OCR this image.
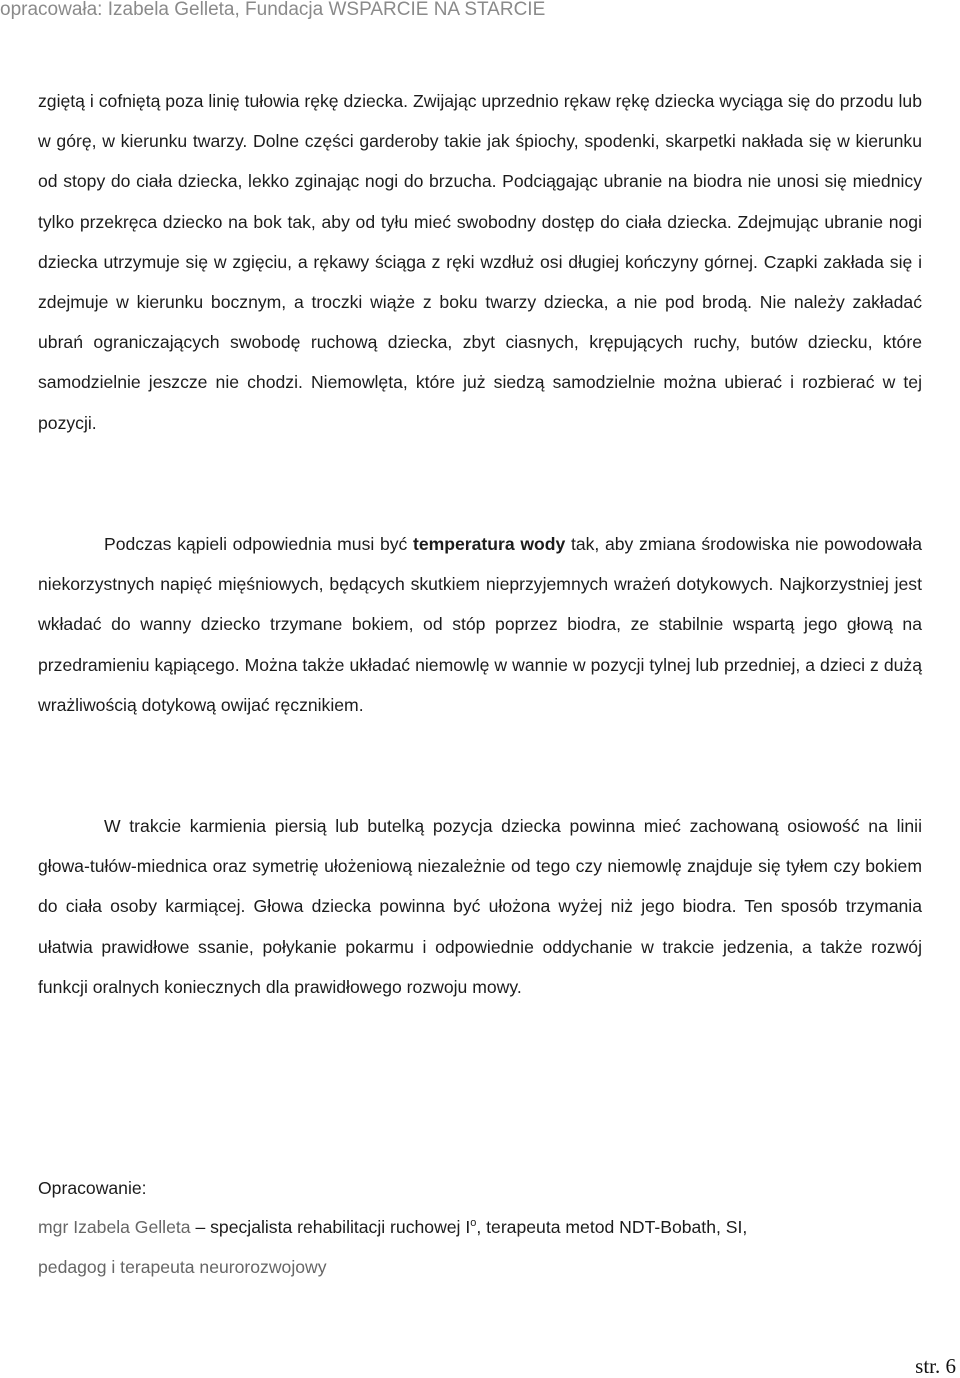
opracowała: Izabela Gelleta, Fundacja WSPARCIE NA STARCIE

zgiętą i cofniętą poza linię tułowia rękę dziecka. Zwijając uprzednio rękaw rękę dziecka wyciąga się do przodu lub w górę, w kierunku twarzy. Dolne części garderoby takie jak śpiochy, spodenki, skarpetki nakłada się w kierunku od stopy do ciała dziecka, lekko zginając nogi do brzucha. Podciągając ubranie na biodra nie unosi się miednicy tylko przekręca dziecko na bok tak, aby od tyłu mieć swobodny dostęp do ciała dziecka. Zdejmując ubranie nogi dziecka utrzymuje się w zgięciu, a rękawy ściąga z ręki wzdłuż osi długiej kończyny górnej. Czapki zakłada się i zdejmuje w kierunku bocznym, a troczki wiąże z boku twarzy dziecka, a nie pod brodą. Nie należy zakładać ubrań ograniczających swobodę ruchową dziecka, zbyt ciasnych, krępujących ruchy, butów dziecku, które samodzielnie jeszcze nie chodzi. Niemowlęta, które już siedzą samodzielnie można ubierać i rozbierać w tej pozycji.

Podczas kąpieli odpowiednia musi być temperatura wody tak, aby zmiana środowiska nie powodowała niekorzystnych napięć mięśniowych, będących skutkiem nieprzyjemnych wrażeń dotykowych. Najkorzystniej jest wkładać do wanny dziecko trzymane bokiem, od stóp poprzez biodra, ze stabilnie wspartą jego głową na przedramieniu kąpiącego. Można także układać niemowlę w wannie w pozycji tylnej lub przedniej, a dzieci z dużą wrażliwością dotykową owijać ręcznikiem.

W trakcie karmienia piersią lub butelką pozycja dziecka powinna mieć zachowaną osiowość na linii głowa-tułów-miednica oraz symetrię ułożeniową niezależnie od tego czy niemowlę znajduje się tyłem czy bokiem do ciała osoby karmiącej. Głowa dziecka powinna być ułożona wyżej niż jego biodra. Ten sposób trzymania ułatwia prawidłowe ssanie, połykanie pokarmu i odpowiednie oddychanie w trakcie jedzenia, a także rozwój funkcji oralnych koniecznych dla prawidłowego rozwoju mowy.

Opracowanie:
mgr Izabela Gelleta – specjalista rehabilitacji ruchowej $I^o$, terapeuta metod NDT-Bobath, SI,
pedagog i terapeuta neurorozwojowy
str. 6
